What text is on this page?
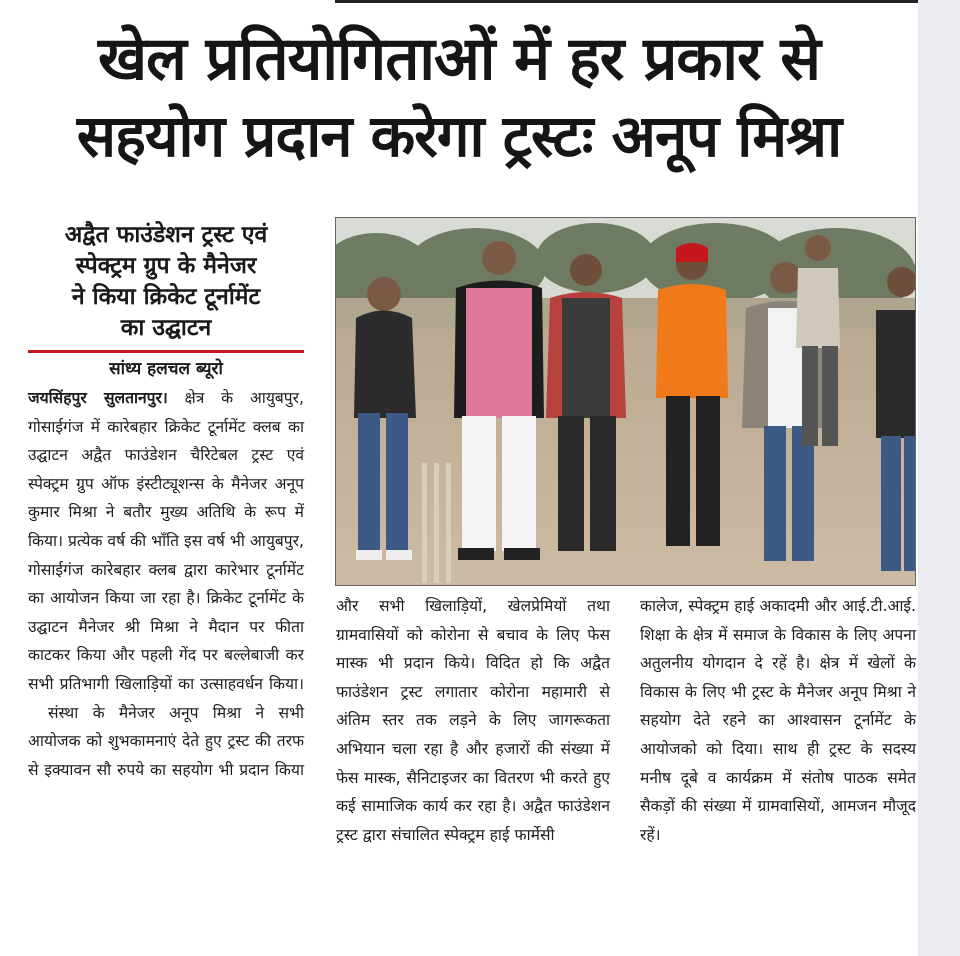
खेल प्रतियोगिताओं में हर प्रकार से
सहयोग प्रदान करेगा ट्रस्टः अनूप मिश्रा
अद्वैत फाउंडेशन ट्रस्ट एवं
स्पेक्ट्रम ग्रुप के मैनेजर
ने किया क्रिकेट टूर्नामेंट
का उद्घाटन
सांध्य हलचल ब्यूरो

जयसिंहपुर सुलतानपुर। क्षेत्र के आयुबपुर, गोसाईगंज में कारेबहार क्रिकेट टूर्नामेंट क्लब का उद्घाटन अद्वैत फाउंडेशन चैरिटेबल ट्रस्ट एवं स्पेक्ट्रम ग्रुप ऑफ इंस्टीट्यूशन्स के मैनेजर अनूप कुमार मिश्रा ने बतौर मुख्य अतिथि के रूप में किया। प्रत्येक वर्ष की भाँति इस वर्ष भी आयुबपुर, गोसाईगंज कारेबहार क्लब द्वारा कारेभार टूर्नामेंट का आयोजन किया जा रहा है। क्रिकेट टूर्नामेंट के उद्घाटन मैनेजर श्री मिश्रा ने मैदान पर फीता काटकर किया और पहली गेंद पर बल्लेबाजी कर सभी प्रतिभागी खिलाड़ियों का उत्साहवर्धन किया।

संस्था के मैनेजर अनूप मिश्रा ने सभी आयोजक को शुभकामनाएं देते हुए ट्रस्ट की तरफ से इक्यावन सौ रुपये का सहयोग भी प्रदान किया

और सभी खिलाड़ियों, खेलप्रेमियों तथा ग्रामवासियों को कोरोना से बचाव के लिए फेस मास्क भी प्रदान किये। विदित हो कि अद्वैत फाउंडेशन ट्रस्ट लगातार कोरोना महामारी से अंतिम स्तर तक लड़ने के लिए जागरूकता अभियान चला रहा है और हजारों की संख्या में फेस मास्क, सैनिटाइजर का वितरण भी करते हुए कई सामाजिक कार्य कर रहा है। अद्वैत फाउंडेशन ट्रस्ट द्वारा संचालित स्पेक्ट्रम हाई फार्मेसी

कालेज, स्पेक्ट्रम हाई अकादमी और आई.टी.आई. शिक्षा के क्षेत्र में समाज के विकास के लिए अपना अतुलनीय योगदान दे रहें है। क्षेत्र में खेलों के विकास के लिए भी ट्रस्ट के मैनेजर अनूप मिश्रा ने सहयोग देते रहने का आश्वासन टूर्नामेंट के आयोजको को दिया। साथ ही ट्रस्ट के सदस्य मनीष दूबे व कार्यक्रम में संतोष पाठक समेत सैकड़ों की संख्या में ग्रामवासियों, आमजन मौजूद रहें।
